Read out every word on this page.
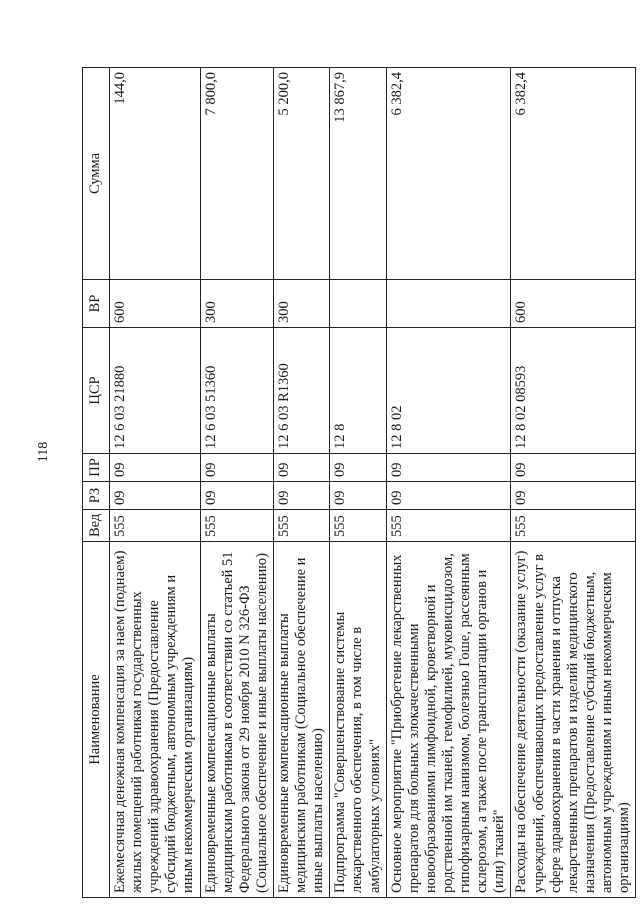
118
Наименование	Вед	РЗ	ПР	ЦСР	ВР	Сумма
Ежемесячная денежная компенсация за наем (поднаем) жилых помещений работникам государственных учреждений здравоохранения (Предоставление субсидий бюджетным, автономным учреждениям и иным некоммерческим организациям)	555	09	09	12 6 03 21880	600	144,0
Единовременные компенсационные выплаты медицинским работникам в соответствии со статьей 51 Федерального закона от 29 ноября 2010 N 326-ФЗ (Социальное обеспечение и иные выплаты населению)	555	09	09	12 6 03 51360	300	7 800,0
Единовременные компенсационные выплаты медицинским работникам (Социальное обеспечение и иные выплаты населению)	555	09	09	12 6 03 R1360	300	5 200,0
Подпрограмма "Совершенствование системы лекарственного обеспечения, в том числе в амбулаторных условиях"	555	09	09	12 8		13 867,9
Основное мероприятие "Приобретение лекарственных препаратов для больных злокачественными новообразованиями лимфоидной, кроветворной и родственной им тканей, гемофилией, муковисцидозом, гипофизарным нанизмом, болезнью Гоше, рассеянным склерозом, а также после трансплантации органов и (или) тканей"	555	09	09	12 8 02		6 382,4
Расходы на обеспечение деятельности (оказание услуг) учреждений, обеспечивающих предоставление услуг в сфере здравоохранения в части хранения и отпуска лекарственных препаратов и изделий медицинского назначения (Предоставление субсидий бюджетным, автономным учреждениям и иным некоммерческим организациям)	555	09	09	12 8 02 08593	600	6 382,4
